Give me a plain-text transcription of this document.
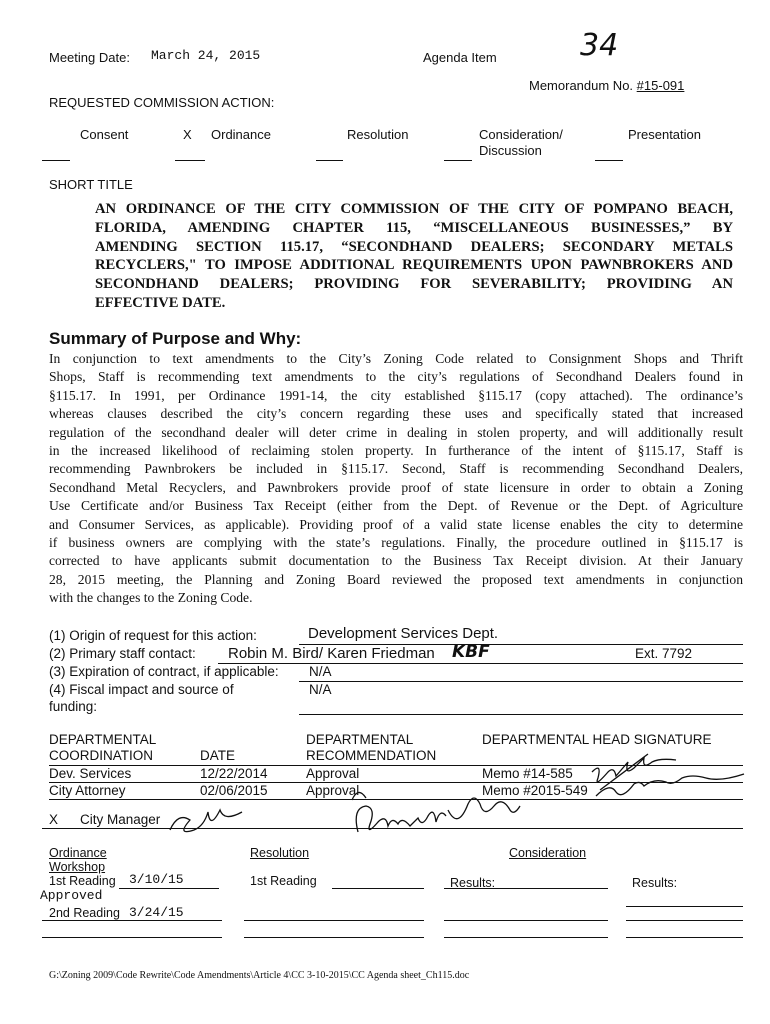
Meeting Date: March 24, 2015	Agenda Item	34
Memorandum No. #15-091
REQUESTED COMMISSION ACTION:
Consent	X Ordinance	Resolution	Consideration/
Discussion
Presentation
SHORT TITLE
AN ORDINANCE OF THE CITY COMMISSION OF THE CITY OF POMPANO BEACH,
FLORIDA, AMENDING CHAPTER 115, “MISCELLANEOUS BUSINESSES,” BY
AMENDING SECTION 115.17, “SECONDHAND DEALERS; SECONDARY METALS
RECYCLERS," TO IMPOSE ADDITIONAL REQUIREMENTS UPON PAWNBROKERS AND
SECONDHAND DEALERS; PROVIDING FOR SEVERABILITY; PROVIDING AN
EFFECTIVE DATE.
Summary of Purpose and Why:
In conjunction to text amendments to the City’s Zoning Code related to Consignment Shops and Thrift
Shops, Staff is recommending text amendments to the city’s regulations of Secondhand Dealers found in
§115.17. In 1991, per Ordinance 1991-14, the city established §115.17 (copy attached). The ordinance’s
whereas clauses described the city’s concern regarding these uses and specifically stated that increased
regulation of the secondhand dealer will deter crime in dealing in stolen property, and will additionally result
in the increased likelihood of reclaiming stolen property. In furtherance of the intent of §115.17, Staff is
recommending Pawnbrokers be included in §115.17. Second, Staff is recommending Secondhand Dealers,
Secondhand Metal Recyclers, and Pawnbrokers provide proof of state licensure in order to obtain a Zoning
Use Certificate and/or Business Tax Receipt (either from the Dept. of Revenue or the Dept. of Agriculture
and Consumer Services, as applicable). Providing proof of a valid state license enables the city to determine
if business owners are complying with the state’s regulations. Finally, the procedure outlined in §115.17 is
corrected to have applicants submit documentation to the Business Tax Receipt division. At their January
28, 2015 meeting, the Planning and Zoning Board reviewed the proposed text amendments in conjunction
with the changes to the Zoning Code.
(1) Origin of request for this action:	Development Services Dept.
(2) Primary staff contact: Robin M. Bird/ Karen Friedman KBF	Ext. 7792
(3) Expiration of contract, if applicable: N/A
(4) Fiscal impact and source of
funding:
N/A
DEPARTMENTAL
COORDINATION	DATE
DEPARTMENTAL
RECOMMENDATION
DEPARTMENTAL HEAD SIGNATURE
Dev. Services	12/22/2014	Approval	Memo #14-585
City Attorney	02/06/2015	Approval	Memo #2015-549
X City Manager
Ordinance
Workshop
1st Reading 3/10/15
Approved
2nd Reading 3/24/15
Resolution
1st Reading
Consideration
Results:	Results:
G:\Zoning 2009\Code Rewrite\Code Amendments\Article 4\CC 3-10-2015\CC Agenda sheet_Ch115.doc
